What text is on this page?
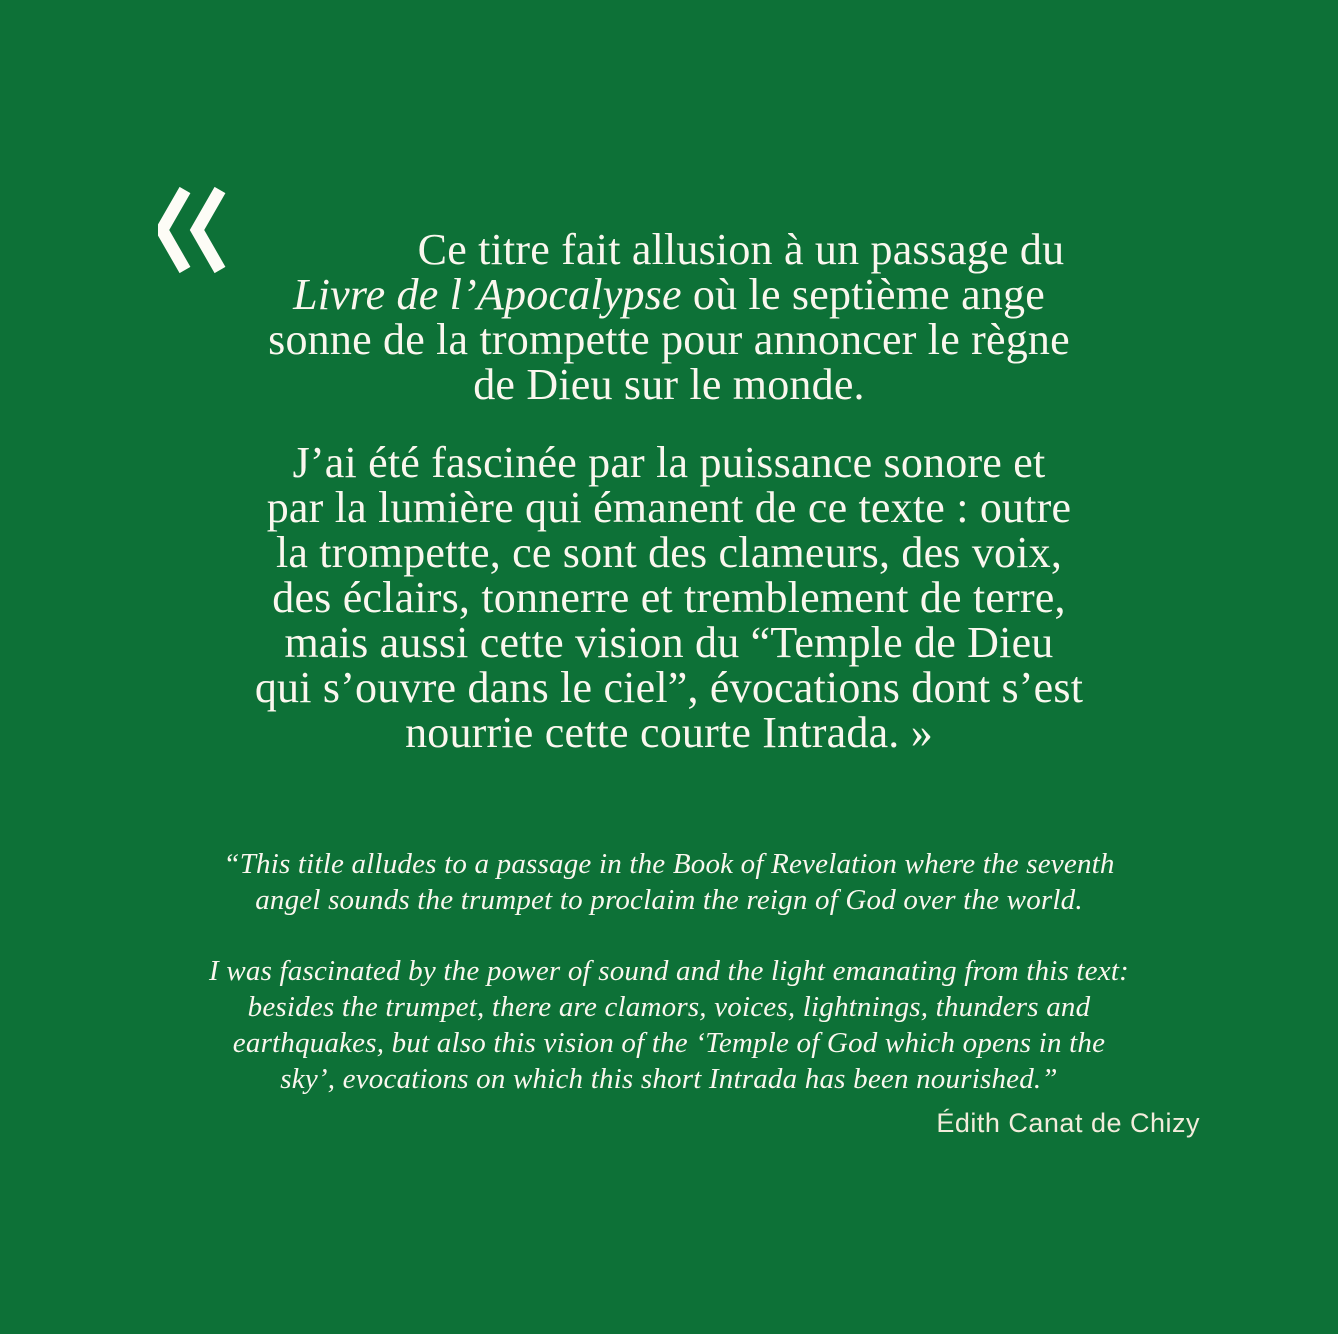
Ce titre fait allusion à un passage du
Livre de l’Apocalypse où le septième ange
sonne de la trompette pour annoncer le règne
de Dieu sur le monde.
J’ai été fascinée par la puissance sonore et
par la lumière qui émanent de ce texte : outre
la trompette, ce sont des clameurs, des voix,
des éclairs, tonnerre et tremblement de terre,
mais aussi cette vision du “Temple de Dieu
qui s’ouvre dans le ciel”, évocations dont s’est
nourrie cette courte Intrada. »
“This title alludes to a passage in the Book of Revelation where the seventh
angel sounds the trumpet to proclaim the reign of God over the world.
I was fascinated by the power of sound and the light emanating from this text:
besides the trumpet, there are clamors, voices, lightnings, thunders and
earthquakes, but also this vision of the ‘Temple of God which opens in the
sky’, evocations on which this short Intrada has been nourished.”
Édith Canat de Chizy
